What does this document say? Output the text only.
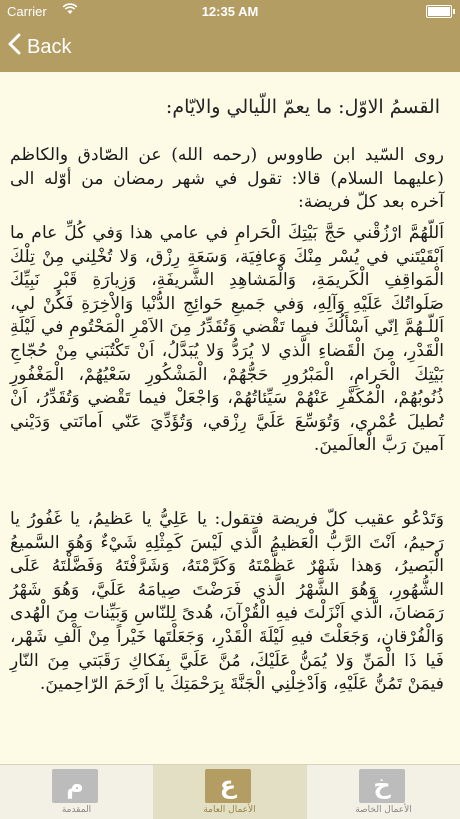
Carrier	12:35 AM
Back
القسمُ الاوّل: ما يعمّ اللّيالي والايّام:
روى السّيد ابن طاووس (رحمه الله) عن الصّادق والكاظم (عليهما السلام) قالا: تقول في شهر رمضان من أوّله الى آخره بعد كلّ فريضة:
اَللّهُمَّ ارْزُقْني حَجَّ بَيْتِكَ الْحَرامِ في عامي هذا وَفي كُلِّ عام ما اَبْقَيْتَني في يُسْر مِنْكَ وَعافِيَة، وَسَعَةِ رِزْق، وَلا تُخْلِني مِنْ تِلْكَ الْمَواقِفِ الْكَريمَةِ، وَالْمَشاهِدِ الشَّريفَةِ، وَزِيارَةِ قَبْرِ نَبِيِّكَ صَلَواتُكَ عَلَيْهِ وَآلِهِ، وَفي جَميعِ حَوائِجِ الدُّنْيا وَالاْخِرَةِ فَكُنْ لي، اَللّـهُمَّ اِنّي اَسْأَلُكَ فيما تَقْضي وَتُقَدِّرُ مِنَ الاَمْرِ الْمَحْتُومِ في لَيْلَةِ الْقَدْرِ، مِنَ الْقَضاءِ الَّذي لا يُرَدُّ وَلا يُبَدَّلُ، اَنْ تَكْتُبَني مِنْ حُجّاجِ بَيْتِكَ الْحَرامِ، الْمَبْرُورِ حَجُّهُمْ، الْمَشْكُورِ سَعْيُهُمْ، الْمَغْفُورِ ذُنُوبُهُمْ، الْمُكَفَّرِ عَنْهُمْ سَيِّئاتُهُمْ، وَاجْعَلْ فيما تَقْضي وَتُقَدِّرُ، اَنْ تُطيلَ عُمْري، وَتُوَسِّعَ عَلَيَّ رِزْقي، وَتُؤَدِّيَ عَنّي اَمانَتي وَدَيْني آمينَ رَبَّ الْعالَمينَ.
وَتَدْعُو عقيب كلّ فريضة فتقول: يا عَلِيُّ يا عَظيمُ، يا غَفُورُ يا رَحيمُ، اَنْتَ الرَّبُّ الْعَظيمُ الَّذي لَيْسَ كَمِثْلِهِ شَيْءٌ وَهُوَ السَّميعُ الْبَصيرُ، وَهذا شَهْرٌ عَظَّمْتَهُ وَكَرَّمْتَهُ، وَشَرَّفْتَهُ وَفَضَّلْتَهُ عَلَى الشُّهُورِ، وَهُوَ الشَّهْرُ الَّذي فَرَضْتَ صِيامَهُ عَلَيَّ، وَهُوَ شَهْرُ رَمَضانَ، الَّذي اَنْزَلْتَ فيهِ الْقُرْآنَ، هُدىً لِلنّاسِ وَبَيِّنات مِنَ الْهُدى وَالْفُرْقانِ، وَجَعَلْتَ فيهِ لَيْلَةَ الْقَدْرِ، وَجَعَلْتَها خَيْراً مِنْ اَلْفِ شَهْر، فَيا ذَا الْمَنِّ وَلا يُمَنُّ عَلَيْكَ، مُنَّ عَلَيَّ بِفَكاكِ رَقَبَتي مِنَ النّارِ فيمَنْ تَمُنُّ عَلَيْهِ، وَاَدْخِلْنِي الْجَنَّةَ بِرَحْمَتِكَ يا اَرْحَمَ الرّاحِمينَ.
م
المقدمة
ع
الأعمال العامة
خ
الأعمال الخاصة
